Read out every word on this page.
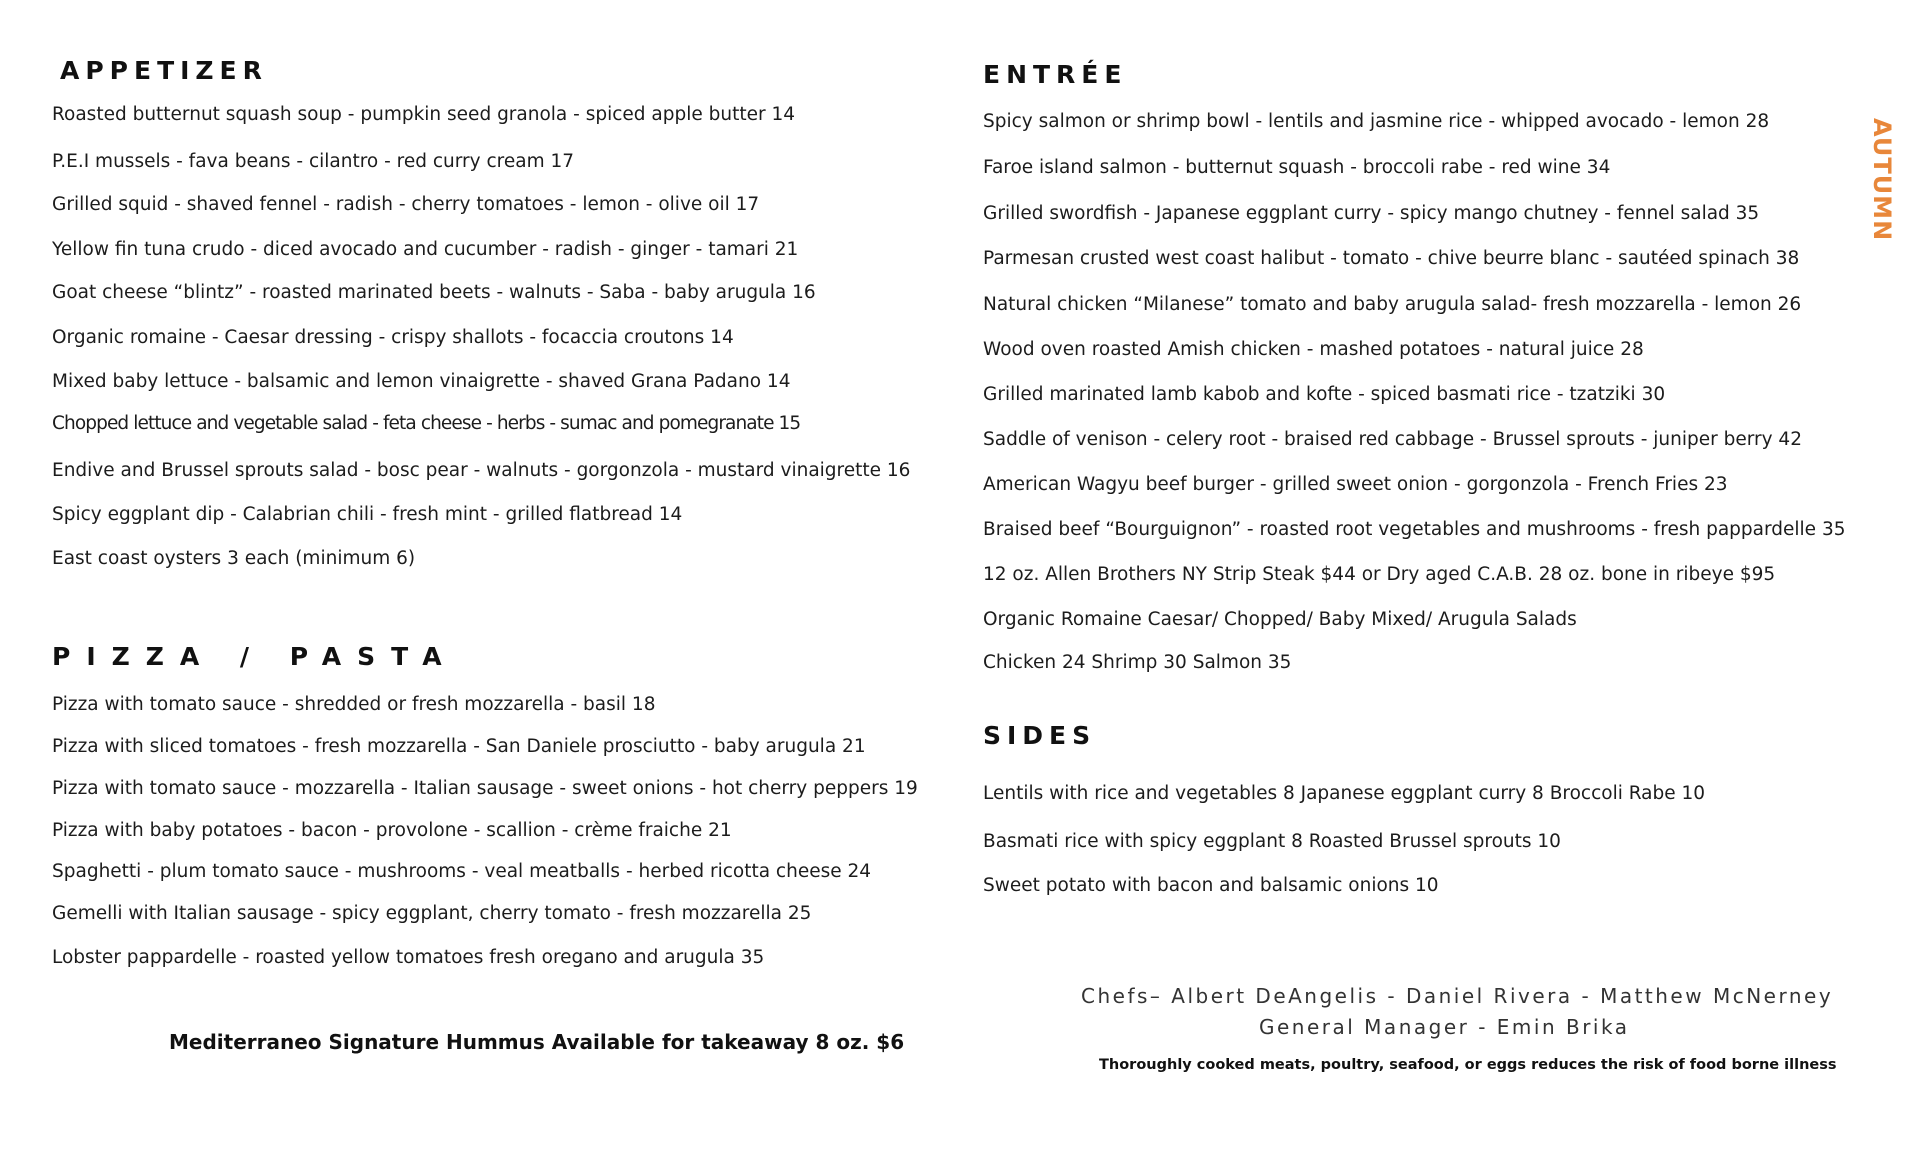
APPETIZER

Roasted butternut squash soup - pumpkin seed granola - spiced apple butter 14

P.E.I mussels - fava beans - cilantro - red curry cream 17

Grilled squid - shaved fennel - radish - cherry tomatoes - lemon - olive oil 17

Yellow fin tuna crudo - diced avocado and cucumber - radish - ginger - tamari 21

Goat cheese “blintz” - roasted marinated beets - walnuts - Saba - baby arugula 16

Organic romaine - Caesar dressing - crispy shallots - focaccia croutons 14

Mixed baby lettuce - balsamic and lemon vinaigrette - shaved Grana Padano 14

Chopped lettuce and vegetable salad - feta cheese - herbs - sumac and pomegranate 15

Endive and Brussel sprouts salad - bosc pear - walnuts - gorgonzola - mustard vinaigrette 16

Spicy eggplant dip - Calabrian chili - fresh mint - grilled flatbread 14

East coast oysters 3 each (minimum 6)

PIZZA / PASTA

Pizza with tomato sauce - shredded or fresh mozzarella - basil 18

Pizza with sliced tomatoes - fresh mozzarella - San Daniele prosciutto - baby arugula 21

Pizza with tomato sauce - mozzarella - Italian sausage - sweet onions - hot cherry peppers 19

Pizza with baby potatoes - bacon - provolone - scallion - crème fraiche 21

Spaghetti - plum tomato sauce - mushrooms - veal meatballs - herbed ricotta cheese 24

Gemelli with Italian sausage - spicy eggplant, cherry tomato - fresh mozzarella 25

Lobster pappardelle - roasted yellow tomatoes fresh oregano and arugula 35

Mediterraneo Signature Hummus Available for takeaway 8 oz. $6
ENTRÉE

Spicy salmon or shrimp bowl - lentils and jasmine rice - whipped avocado - lemon 28

Faroe island salmon - butternut squash - broccoli rabe - red wine 34

Grilled swordfish - Japanese eggplant curry - spicy mango chutney - fennel salad 35

Parmesan crusted west coast halibut - tomato - chive beurre blanc - sautéed spinach 38

Natural chicken “Milanese” tomato and baby arugula salad- fresh mozzarella - lemon 26

Wood oven roasted Amish chicken - mashed potatoes - natural juice 28

Grilled marinated lamb kabob and kofte - spiced basmati rice - tzatziki 30

Saddle of venison - celery root - braised red cabbage - Brussel sprouts - juniper berry 42

American Wagyu beef burger - grilled sweet onion - gorgonzola - French Fries 23

Braised beef “Bourguignon” - roasted root vegetables and mushrooms - fresh pappardelle 35

12 oz. Allen Brothers NY Strip Steak $44 or Dry aged C.A.B. 28 oz. bone in ribeye $95

Organic Romaine Caesar/ Chopped/ Baby Mixed/ Arugula Salads

Chicken 24 Shrimp 30 Salmon 35

SIDES

Lentils with rice and vegetables 8 Japanese eggplant curry 8 Broccoli Rabe 10

Basmati rice with spicy eggplant 8 Roasted Brussel sprouts 10

Sweet potato with bacon and balsamic onions 10

Chefs– Albert DeAngelis - Daniel Rivera - Matthew McNerney
General Manager - Emin Brika
Thoroughly cooked meats, poultry, seafood, or eggs reduces the risk of food borne illness
AUTUMN
